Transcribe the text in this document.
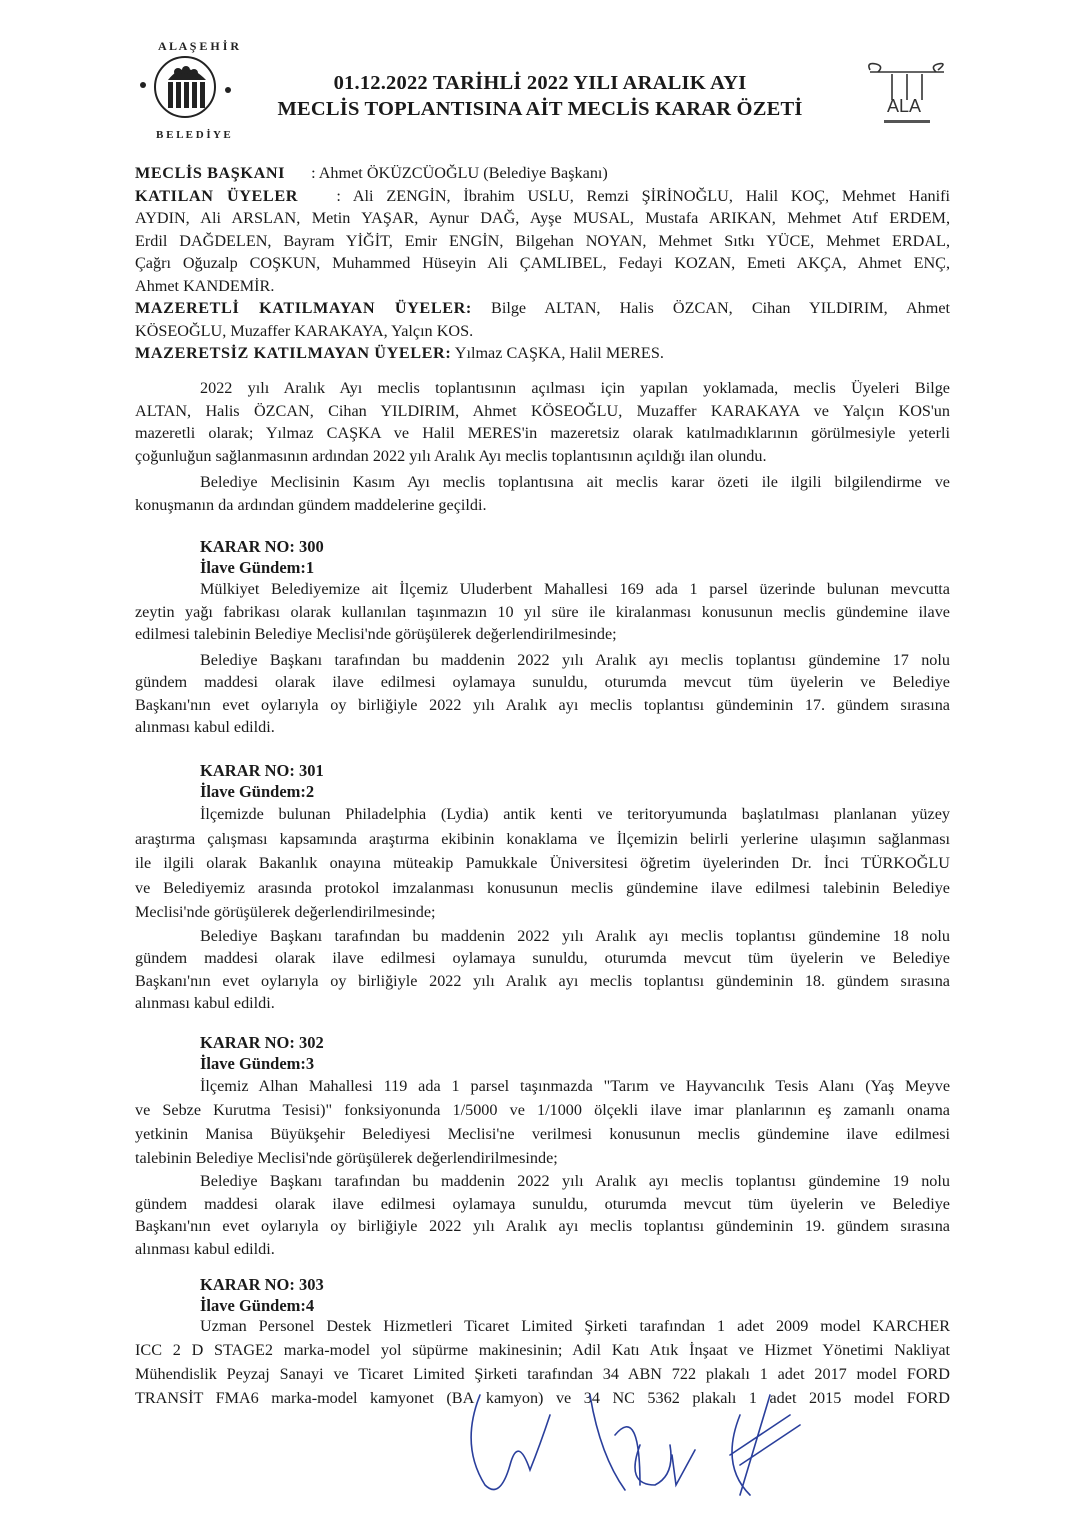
A L A Ş E H İ R
B E L E D İ Y E
ALA
01.12.2022 TARİHLİ 2022 YILI ARALIK AYI
MECLİS TOPLANTISINA AİT MECLİS KARAR ÖZETİ
MECLİS BAŞKANI : Ahmet ÖKÜZCÜOĞLU (Belediye Başkanı)
KATILAN ÜYELER : Ali ZENGİN, İbrahim USLU, Remzi ŞİRİNOĞLU, Halil KOÇ, Mehmet Hanifi
AYDIN, Ali ARSLAN, Metin YAŞAR, Aynur DAĞ, Ayşe MUSAL, Mustafa ARIKAN, Mehmet Atıf ERDEM,
Erdil DAĞDELEN, Bayram YİĞİT, Emir ENGİN, Bilgehan NOYAN, Mehmet Sıtkı YÜCE, Mehmet ERDAL,
Çağrı Oğuzalp COŞKUN, Muhammed Hüseyin Ali ÇAMLIBEL, Fedayi KOZAN, Emeti AKÇA, Ahmet ENÇ,
Ahmet KANDEMİR.
MAZERETLİ KATILMAYAN ÜYELER: Bilge ALTAN, Halis ÖZCAN, Cihan YILDIRIM, Ahmet
KÖSEOĞLU, Muzaffer KARAKAYA, Yalçın KOS.
MAZERETSİZ KATILMAYAN ÜYELER: Yılmaz CAŞKA, Halil MERES.
2022 yılı Aralık Ayı meclis toplantısının açılması için yapılan yoklamada, meclis Üyeleri Bilge
ALTAN, Halis ÖZCAN, Cihan YILDIRIM, Ahmet KÖSEOĞLU, Muzaffer KARAKAYA ve Yalçın KOS'un
mazeretli olarak; Yılmaz CAŞKA ve Halil MERES'in mazeretsiz olarak katılmadıklarının görülmesiyle yeterli
çoğunluğun sağlanmasının ardından 2022 yılı Aralık Ayı meclis toplantısının açıldığı ilan olundu.
Belediye Meclisinin Kasım Ayı meclis toplantısına ait meclis karar özeti ile ilgili bilgilendirme ve
konuşmanın da ardından gündem maddelerine geçildi.
KARAR NO: 300
İlave Gündem:1
Mülkiyet Belediyemize ait İlçemiz Uluderbent Mahallesi 169 ada 1 parsel üzerinde bulunan mevcutta
zeytin yağı fabrikası olarak kullanılan taşınmazın 10 yıl süre ile kiralanması konusunun meclis gündemine ilave
edilmesi talebinin Belediye Meclisi'nde görüşülerek değerlendirilmesinde;
Belediye Başkanı tarafından bu maddenin 2022 yılı Aralık ayı meclis toplantısı gündemine 17 nolu
gündem maddesi olarak ilave edilmesi oylamaya sunuldu, oturumda mevcut tüm üyelerin ve Belediye
Başkanı'nın evet oylarıyla oy birliğiyle 2022 yılı Aralık ayı meclis toplantısı gündeminin 17. gündem sırasına
alınması kabul edildi.
KARAR NO: 301
İlave Gündem:2
İlçemizde bulunan Philadelphia (Lydia) antik kenti ve teritoryumunda başlatılması planlanan yüzey
araştırma çalışması kapsamında araştırma ekibinin konaklama ve İlçemizin belirli yerlerine ulaşımın sağlanması
ile ilgili olarak Bakanlık onayına müteakip Pamukkale Üniversitesi öğretim üyelerinden Dr. İnci TÜRKOĞLU
ve Belediyemiz arasında protokol imzalanması konusunun meclis gündemine ilave edilmesi talebinin Belediye
Meclisi'nde görüşülerek değerlendirilmesinde;
Belediye Başkanı tarafından bu maddenin 2022 yılı Aralık ayı meclis toplantısı gündemine 18 nolu
gündem maddesi olarak ilave edilmesi oylamaya sunuldu, oturumda mevcut tüm üyelerin ve Belediye
Başkanı'nın evet oylarıyla oy birliğiyle 2022 yılı Aralık ayı meclis toplantısı gündeminin 18. gündem sırasına
alınması kabul edildi.
KARAR NO: 302
İlave Gündem:3
İlçemiz Alhan Mahallesi 119 ada 1 parsel taşınmazda "Tarım ve Hayvancılık Tesis Alanı (Yaş Meyve
ve Sebze Kurutma Tesisi)" fonksiyonunda 1/5000 ve 1/1000 ölçekli ilave imar planlarının eş zamanlı onama
yetkinin Manisa Büyükşehir Belediyesi Meclisi'ne verilmesi konusunun meclis gündemine ilave edilmesi
talebinin Belediye Meclisi'nde görüşülerek değerlendirilmesinde;
Belediye Başkanı tarafından bu maddenin 2022 yılı Aralık ayı meclis toplantısı gündemine 19 nolu
gündem maddesi olarak ilave edilmesi oylamaya sunuldu, oturumda mevcut tüm üyelerin ve Belediye
Başkanı'nın evet oylarıyla oy birliğiyle 2022 yılı Aralık ayı meclis toplantısı gündeminin 19. gündem sırasına
alınması kabul edildi.
KARAR NO: 303
İlave Gündem:4
Uzman Personel Destek Hizmetleri Ticaret Limited Şirketi tarafından 1 adet 2009 model KARCHER
ICC 2 D STAGE2 marka-model yol süpürme makinesinin; Adil Katı Atık İnşaat ve Hizmet Yönetimi Nakliyat
Mühendislik Peyzaj Sanayi ve Ticaret Limited Şirketi tarafından 34 ABN 722 plakalı 1 adet 2017 model FORD
TRANSİT FMA6 marka-model kamyonet (BA kamyon) ve 34 NC 5362 plakalı 1 adet 2015 model FORD
